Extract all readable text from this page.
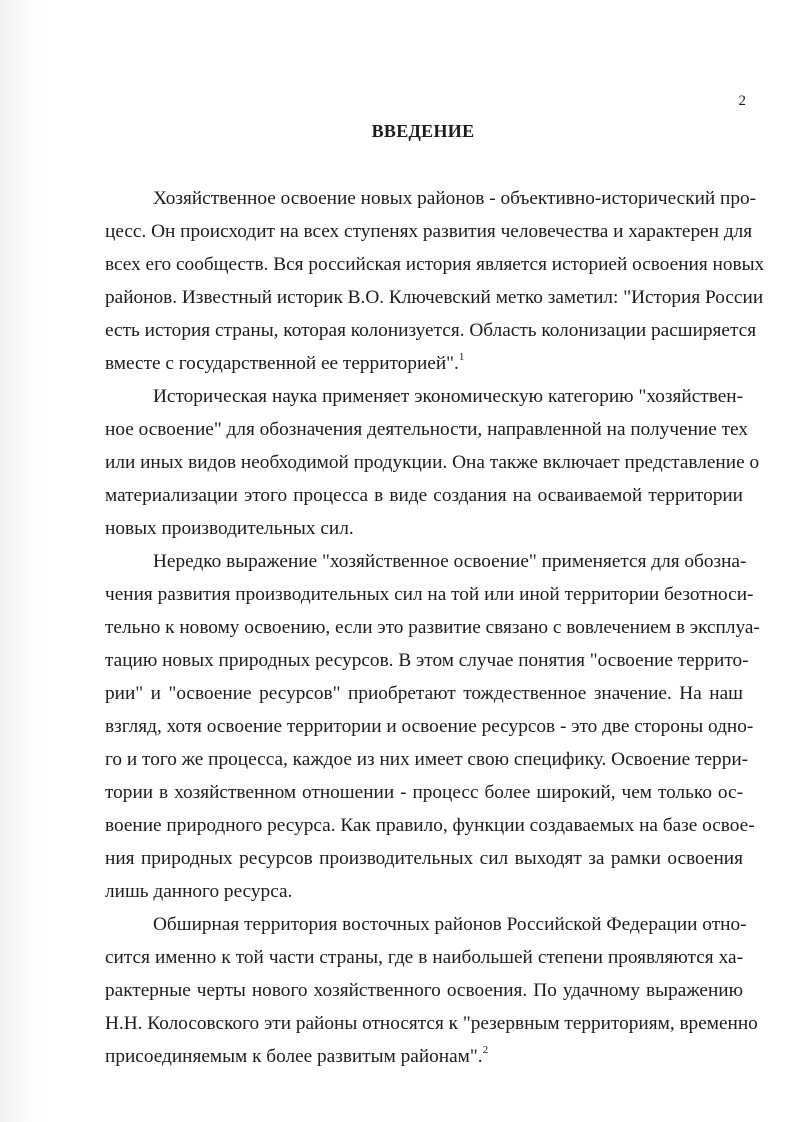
2
ВВЕДЕНИЕ
Хозяйственное освоение новых районов - объективно-исторический про-
цесс. Он происходит на всех ступенях развития человечества и характерен для
всех его сообществ. Вся российская история является историей освоения новых
районов. Известный историк В.О. Ключевский метко заметил: "История России
есть история страны, которая колонизуется. Область колонизации расширяется
вместе с государственной ее территорией".$^1$
Историческая наука применяет экономическую категорию "хозяйствен-
ное освоение" для обозначения деятельности, направленной на получение тех
или иных видов необходимой продукции. Она также включает представление о
материализации этого процесса в виде создания на осваиваемой территории
новых производительных сил.
Нередко выражение "хозяйственное освоение" применяется для обозна-
чения развития производительных сил на той или иной территории безотноси-
тельно к новому освоению, если это развитие связано с вовлечением в эксплуа-
тацию новых природных ресурсов. В этом случае понятия "освоение террито-
рии" и "освоение ресурсов" приобретают тождественное значение. На наш
взгляд, хотя освоение территории и освоение ресурсов - это две стороны одно-
го и того же процесса, каждое из них имеет свою специфику. Освоение терри-
тории в хозяйственном отношении - процесс более широкий, чем только ос-
воение природного ресурса. Как правило, функции создаваемых на базе освое-
ния природных ресурсов производительных сил выходят за рамки освоения
лишь данного ресурса.
Обширная территория восточных районов Российской Федерации отно-
сится именно к той части страны, где в наибольшей степени проявляются ха-
рактерные черты нового хозяйственного освоения. По удачному выражению
Н.Н. Колосовского эти районы относятся к "резервным территориям, временно
присоединяемым к более развитым районам".$^2$
